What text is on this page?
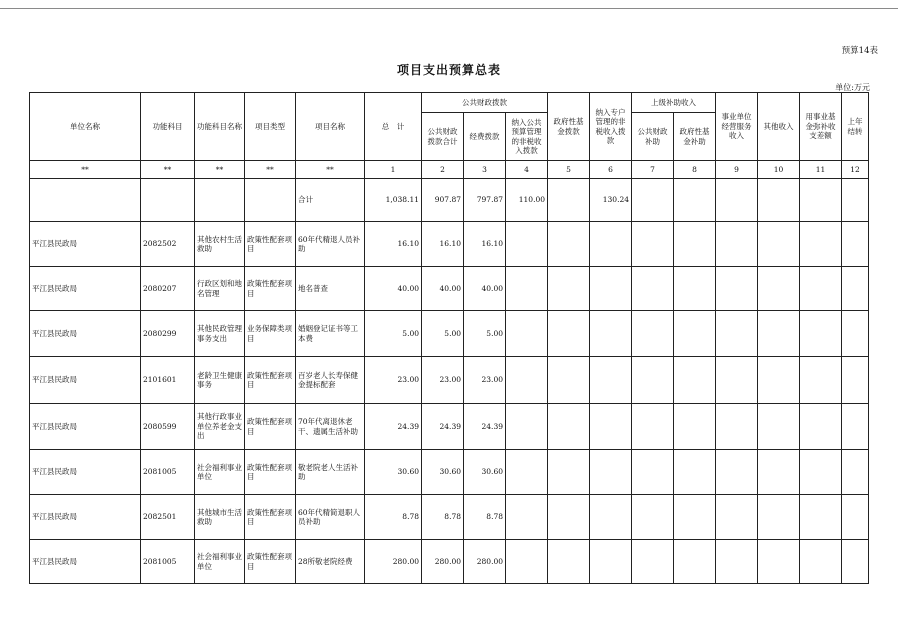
预算14表
项目支出预算总表
单位:万元
单位名称	功能科目	功能科目名称	项目类型	项目名称	总　计	公共财政拨款			政府性基金拨款	纳入专户管理的非税收入拨款	上级补助收入		事业单位经营服务收入	其他收入	用事业基金弥补收支差额	上年结转
						公共财政拨款合计	经费拨款	纳入公共预算管理的非税收入拨款			公共财政补助	政府性基金补助				
**	**	**	**	**	1	2	3	4	5	6	7	8	9	10	11	12
				合计	1,038.11	907.87	797.87	110.00		130.24						
平江县民政局	2082502	其他农村生活救助	政策性配套项目	60年代精退人员补助	16.10	16.10	16.10									
平江县民政局	2080207	行政区划和地名管理	政策性配套项目	地名普查	40.00	40.00	40.00									
平江县民政局	2080299	其他民政管理事务支出	业务保障类项目	婚姻登记证书等工本费	5.00	5.00	5.00									
平江县民政局	2101601	老龄卫生健康事务	政策性配套项目	百岁老人长寿保健金提标配套	23.00	23.00	23.00									
平江县民政局	2080599	其他行政事业单位养老金支出	政策性配套项目	70年代离退休老干、遗属生活补助	24.39	24.39	24.39									
平江县民政局	2081005	社会福利事业单位	政策性配套项目	敬老院老人生活补助	30.60	30.60	30.60									
平江县民政局	2082501	其他城市生活救助	政策性配套项目	60年代精简退职人员补助	8.78	8.78	8.78									
平江县民政局	2081005	社会福利事业单位	政策性配套项目	28所敬老院经费	280.00	280.00	280.00									
